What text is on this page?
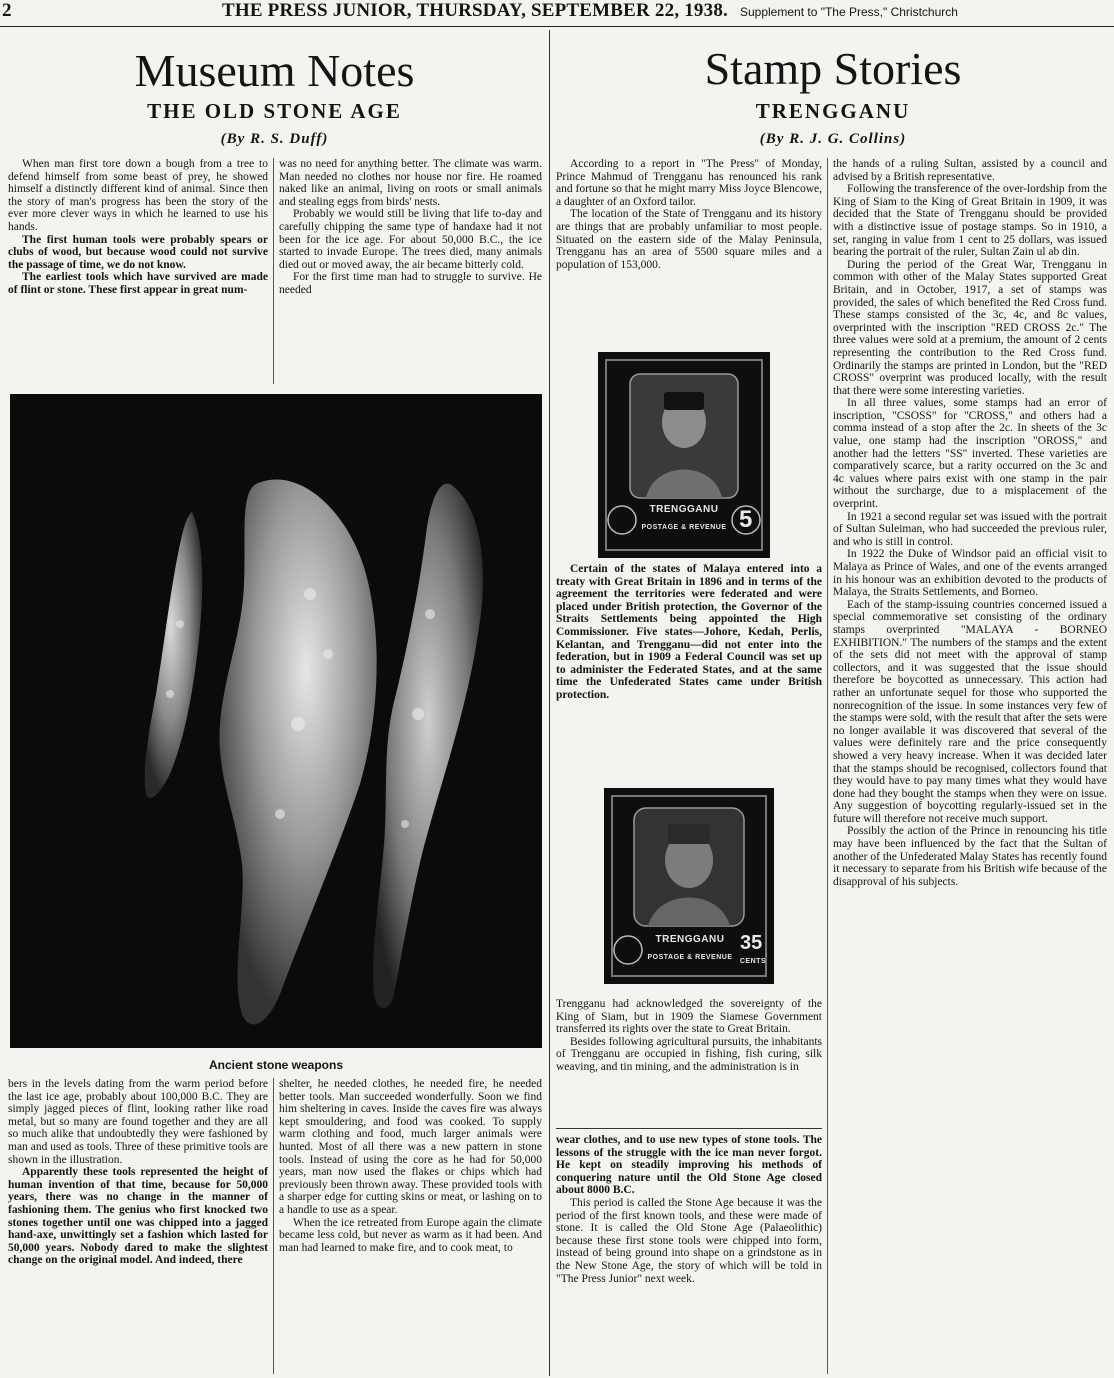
2	THE PRESS JUNIOR, THURSDAY, SEPTEMBER 22, 1938. Supplement to "The Press," Christchurch
Museum Notes
THE OLD STONE AGE
(By R. S. Duff)

When man first tore down a bough from a tree to defend himself from some beast of prey, he showed himself a distinctly different kind of animal. Since then the story of man's progress has been the story of the ever more clever ways in which he learned to use his hands.

The first human tools were probably spears or clubs of wood, but because wood could not survive the passage of time, we do not know.

The earliest tools which have survived are made of flint or stone. These first appear in great num-

was no need for anything better. The climate was warm. Man needed no clothes nor house nor fire. He roamed naked like an animal, living on roots or small animals and stealing eggs from birds' nests.

Probably we would still be living that life to-day and carefully chipping the same type of handaxe had it not been for the ice age. For about 50,000 B.C., the ice started to invade Europe. The trees died, many animals died out or moved away, the air became bitterly cold.

For the first time man had to struggle to survive. He needed

Ancient stone weapons

bers in the levels dating from the warm period before the last ice age, probably about 100,000 B.C. They are simply jagged pieces of flint, looking rather like road metal, but so many are found together and they are all so much alike that undoubtedly they were fashioned by man and used as tools. Three of these primitive tools are shown in the illustration.

Apparently these tools represented the height of human invention of that time, because for 50,000 years, there was no change in the manner of fashioning them. The genius who first knocked two stones together until one was chipped into a jagged hand-axe, unwittingly set a fashion which lasted for 50,000 years. Nobody dared to make the slightest change on the original model. And indeed, there

shelter, he needed clothes, he needed fire, he needed better tools. Man succeeded wonderfully. Soon we find him sheltering in caves. Inside the caves fire was always kept smouldering, and food was cooked. To supply warm clothing and food, much larger animals were hunted. Most of all there was a new pattern in stone tools. Instead of using the core as he had for 50,000 years, man now used the flakes or chips which had previously been thrown away. These provided tools with a sharper edge for cutting skins or meat, or lashing on to a handle to use as a spear.

When the ice retreated from Europe again the climate became less cold, but never as warm as it had been. And man had learned to make fire, and to cook meat, to

Stamp Stories
TRENGGANU
(By R. J. G. Collins)

According to a report in "The Press" of Monday, Prince Mahmud of Trengganu has renounced his rank and fortune so that he might marry Miss Joyce Blencowe, a daughter of an Oxford tailor.

The location of the State of Trengganu and its history are things that are probably unfamiliar to most people. Situated on the eastern side of the Malay Peninsula, Trengganu has an area of 5500 square miles and a population of 153,000.

TRENGGANU
POSTAGE & REVENUE 5

Certain of the states of Malaya entered into a treaty with Great Britain in 1896 and in terms of the agreement the territories were federated and were placed under British protection, the Governor of the Straits Settlements being appointed the High Commissioner. Five states—Johore, Kedah, Perlis, Kelantan, and Trengganu—did not enter into the federation, but in 1909 a Federal Council was set up to administer the Federated States, and at the same time the Unfederated States came under British protection.

TRENGGANU
POSTAGE & REVENUE
35
CENTS

Trengganu had acknowledged the sovereignty of the King of Siam, but in 1909 the Siamese Government transferred its rights over the state to Great Britain.

Besides following agricultural pursuits, the inhabitants of Trengganu are occupied in fishing, fish curing, silk weaving, and tin mining, and the administration is in

wear clothes, and to use new types of stone tools. The lessons of the struggle with the ice man never forgot. He kept on steadily improving his methods of conquering nature until the Old Stone Age closed about 8000 B.C.

This period is called the Stone Age because it was the period of the first known tools, and these were made of stone. It is called the Old Stone Age (Palaeolithic) because these first stone tools were chipped into form, instead of being ground into shape on a grindstone as in the New Stone Age, the story of which will be told in "The Press Junior" next week.

the hands of a ruling Sultan, assisted by a council and advised by a British representative.

Following the transference of the over-lordship from the King of Siam to the King of Great Britain in 1909, it was decided that the State of Trengganu should be provided with a distinctive issue of postage stamps. So in 1910, a set, ranging in value from 1 cent to 25 dollars, was issued bearing the portrait of the ruler, Sultan Zain ul ab din.

During the period of the Great War, Trengganu in common with other of the Malay States supported Great Britain, and in October, 1917, a set of stamps was provided, the sales of which benefited the Red Cross fund. These stamps consisted of the 3c, 4c, and 8c values, overprinted with the inscription "RED CROSS 2c." The three values were sold at a premium, the amount of 2 cents representing the contribution to the Red Cross fund. Ordinarily the stamps are printed in London, but the "RED CROSS" overprint was produced locally, with the result that there were some interesting varieties.

In all three values, some stamps had an error of inscription, "CSOSS" for "CROSS," and others had a comma instead of a stop after the 2c. In sheets of the 3c value, one stamp had the inscription "OROSS," and another had the letters "SS" inverted. These varieties are comparatively scarce, but a rarity occurred on the 3c and 4c values where pairs exist with one stamp in the pair without the surcharge, due to a misplacement of the overprint.

In 1921 a second regular set was issued with the portrait of Sultan Suleiman, who had succeeded the previous ruler, and who is still in control.

In 1922 the Duke of Windsor paid an official visit to Malaya as Prince of Wales, and one of the events arranged in his honour was an exhibition devoted to the products of Malaya, the Straits Settlements, and Borneo.

Each of the stamp-issuing countries concerned issued a special commemorative set consisting of the ordinary stamps overprinted "MALAYA - BORNEO EXHIBITION." The numbers of the stamps and the extent of the sets did not meet with the approval of stamp collectors, and it was suggested that the issue should therefore be boycotted as unnecessary. This action had rather an unfortunate sequel for those who supported the nonrecognition of the issue. In some instances very few of the stamps were sold, with the result that after the sets were no longer available it was discovered that several of the values were definitely rare and the price consequently showed a very heavy increase. When it was decided later that the stamps should be recognised, collectors found that they would have to pay many times what they would have done had they bought the stamps when they were on issue. Any suggestion of boycotting regularly-issued set in the future will therefore not receive much support.

Possibly the action of the Prince in renouncing his title may have been influenced by the fact that the Sultan of another of the Unfederated Malay States has recently found it necessary to separate from his British wife because of the disapproval of his subjects.
